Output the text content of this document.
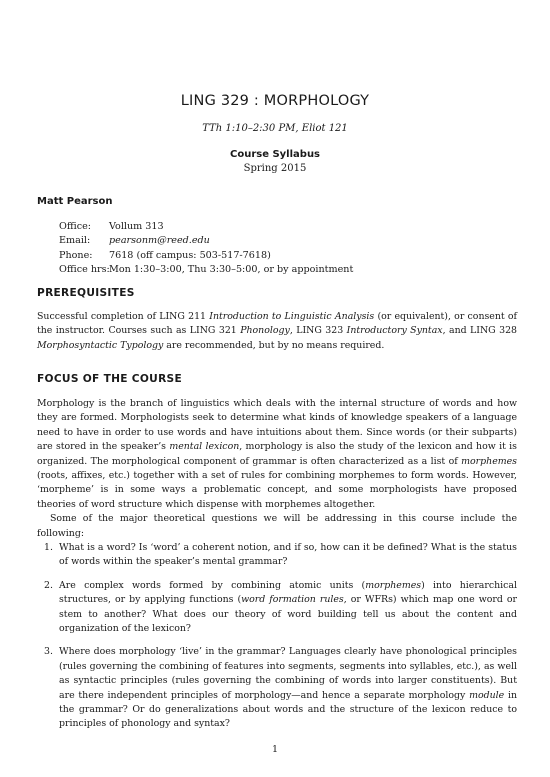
LING 329 : MORPHOLOGY
TTh 1:10–2:30 PM, Eliot 121
Course Syllabus
Spring 2015
Matt Pearson
Office:	Vollum 313
Email:	pearsonm@reed.edu
Phone:	7618 (off campus: 503-517-7618)
Office hrs: Mon 1:30–3:00, Thu 3:30–5:00, or by appointment
PREREQUISITES

Successful completion of LING 211 Introduction to Linguistic Analysis (or equivalent), or consent of the instructor. Courses such as LING 321 Phonology, LING 323 Introductory Syntax, and LING 328 Morphosyntactic Typology are recommended, but by no means required.

FOCUS OF THE COURSE

Morphology is the branch of linguistics which deals with the internal structure of words and how they are formed. Morphologists seek to determine what kinds of knowledge speakers of a language need to have in order to use words and have intuitions about them. Since words (or their subparts) are stored in the speaker’s mental lexicon, morphology is also the study of the lexicon and how it is organized. The morphological component of grammar is often characterized as a list of morphemes (roots, affixes, etc.) together with a set of rules for combining morphemes to form words. However, ‘morpheme’ is in some ways a problematic concept, and some morphologists have proposed theories of word structure which dispense with morphemes altogether.

Some of the major theoretical questions we will be addressing in this course include the following:

1. What is a word? Is ‘word’ a coherent notion, and if so, how can it be defined? What is the status of words within the speaker’s mental grammar?
2. Are complex words formed by combining atomic units (morphemes) into hierarchical structures, or by applying functions (word formation rules, or WFRs) which map one word or stem to another? What does our theory of word building tell us about the content and organization of the lexicon?
3. Where does morphology ‘live’ in the grammar? Languages clearly have phonological principles (rules governing the combining of features into segments, segments into syllables, etc.), as well as syntactic principles (rules governing the combining of words into larger constituents). But are there independent principles of morphology—and hence a separate morphology module in the grammar? Or do generalizations about words and the structure of the lexicon reduce to principles of phonology and syntax?
1
